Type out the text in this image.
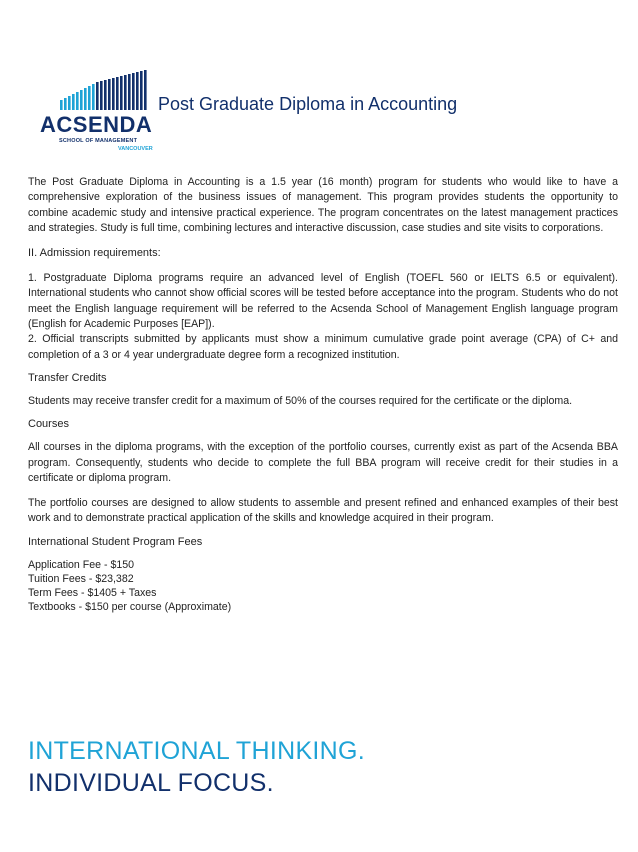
ACSENDA
SCHOOL OF MANAGEMENT
VANCOUVER
Post Graduate Diploma in Accounting

The Post Graduate Diploma in Accounting is a 1.5 year (16 month) program for students who would like to have a comprehensive exploration of the business issues of management. This program provides students the opportunity to combine academic study and intensive practical experience. The program concentrates on the latest management practices and strategies. Study is full time, combining lectures and interactive discussion, case studies and site visits to corporations.

II. Admission requirements:

1. Postgraduate Diploma programs require an advanced level of English (TOEFL 560 or IELTS 6.5 or equivalent). International students who cannot show official scores will be tested before acceptance into the program. Students who do not meet the English language requirement will be referred to the Acsenda School of Management English language program (English for Academic Purposes [EAP]).

2. Official transcripts submitted by applicants must show a minimum cumulative grade point average (CPA) of C+ and completion of a 3 or 4 year undergraduate degree form a recognized institution.

Transfer Credits

Students may receive transfer credit for a maximum of 50% of the courses required for the certificate or the diploma.

Courses

All courses in the diploma programs, with the exception of the portfolio courses, currently exist as part of the Acsenda BBA program. Consequently, students who decide to complete the full BBA program will receive credit for their studies in a certificate or diploma program.

The portfolio courses are designed to allow students to assemble and present refined and enhanced examples of their best work and to demonstrate practical application of the skills and knowledge acquired in their program.

International Student Program Fees

Application Fee - $150
Tuition Fees - $23,382
Term Fees - $1405 + Taxes
Textbooks - $150 per course (Approximate)
INTERNATIONAL THINKING.
INDIVIDUAL FOCUS.
